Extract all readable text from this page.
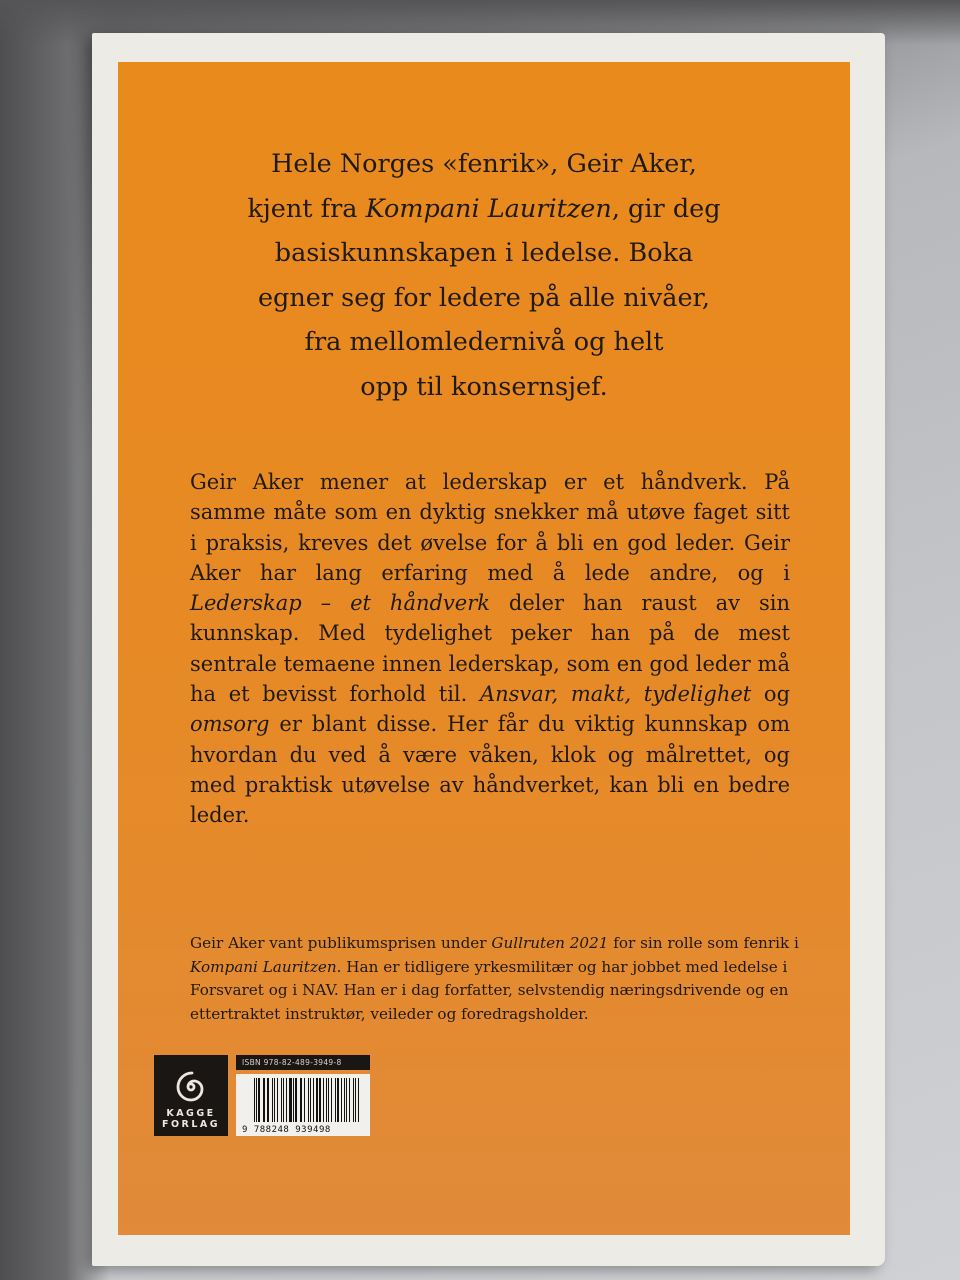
Hele Norges «fenrik», Geir Aker,
kjent fra Kompani Lauritzen, gir deg
basiskunnskapen i ledelse. Boka
egner seg for ledere på alle nivåer,
fra mellomledernivå og helt
opp til konsernsjef.
Geir Aker mener at lederskap er et håndverk. På samme måte som en dyktig snekker må utøve faget sitt i praksis, kreves det øvelse for å bli en god leder. Geir Aker har lang erfaring med å lede andre, og i Lederskap – et håndverk deler han raust av sin kunnskap. Med tydelighet peker han på de mest sentrale temaene innen lederskap, som en god leder må ha et bevisst forhold til. Ansvar, makt, tydelighet og omsorg er blant disse. Her får du viktig kunnskap om hvordan du ved å være våken, klok og målrettet, og med praktisk utøvelse av håndverket, kan bli en bedre leder.
Geir Aker vant publikumsprisen under Gullruten 2021 for sin rolle som fenrik i Kompani Lauritzen. Han er tidligere yrkesmilitær og har jobbet med ledelse i Forsvaret og i NAV. Han er i dag forfatter, selvstendig næringsdrivende og en ettertraktet instruktør, veileder og foredragsholder.
KAGGE
FORLAG
ISBN 978-82-489-3949-8
9 788248 939498
